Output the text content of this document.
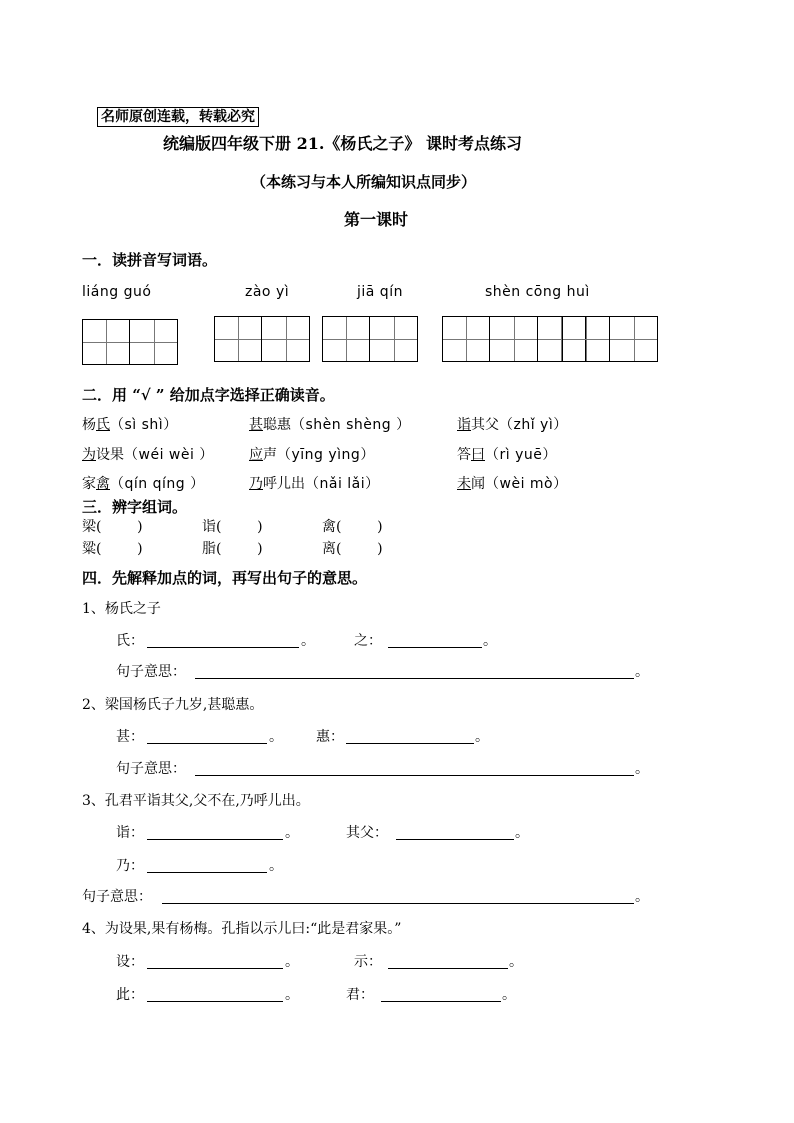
名师原创连载，转载必究
统编版四年级下册 21.《杨氏之子》 课时考点练习
（本练习与本人所编知识点同步）
第一课时
一．读拼音写词语。
liáng guó	zào yì	jiā qín	shèn cōng huì
二．用 “√ ” 给加点字选择正确读音。
杨氏（sì shì）	甚聪惠（shèn shèng ）	诣其父（zhǐ yì）
为设果（wéi wèi ）	应声（yīng yìng）	答曰（rì yuē）
家禽（qín qíng ）	乃呼儿出（nǎi lǎi）	未闻（wèi mò）
三．辨字组词。
梁(        )	诣(        )	禽(        )
粱(        )	脂(        )	离(        )
四．先解释加点的词，再写出句子的意思。
1、杨氏之子
氏：	。	之：	。
句子意思：	。
2、梁国杨氏子九岁,甚聪惠。
甚：	。 惠：	。
句子意思：	。
3、孔君平诣其父,父不在,乃呼儿出。
诣：	。	其父：	。
乃：	。
句子意思：	。
4、为设果,果有杨梅。孔指以示儿曰:“此是君家果。”
设：	。	示：	。
此：	。	君：	。
